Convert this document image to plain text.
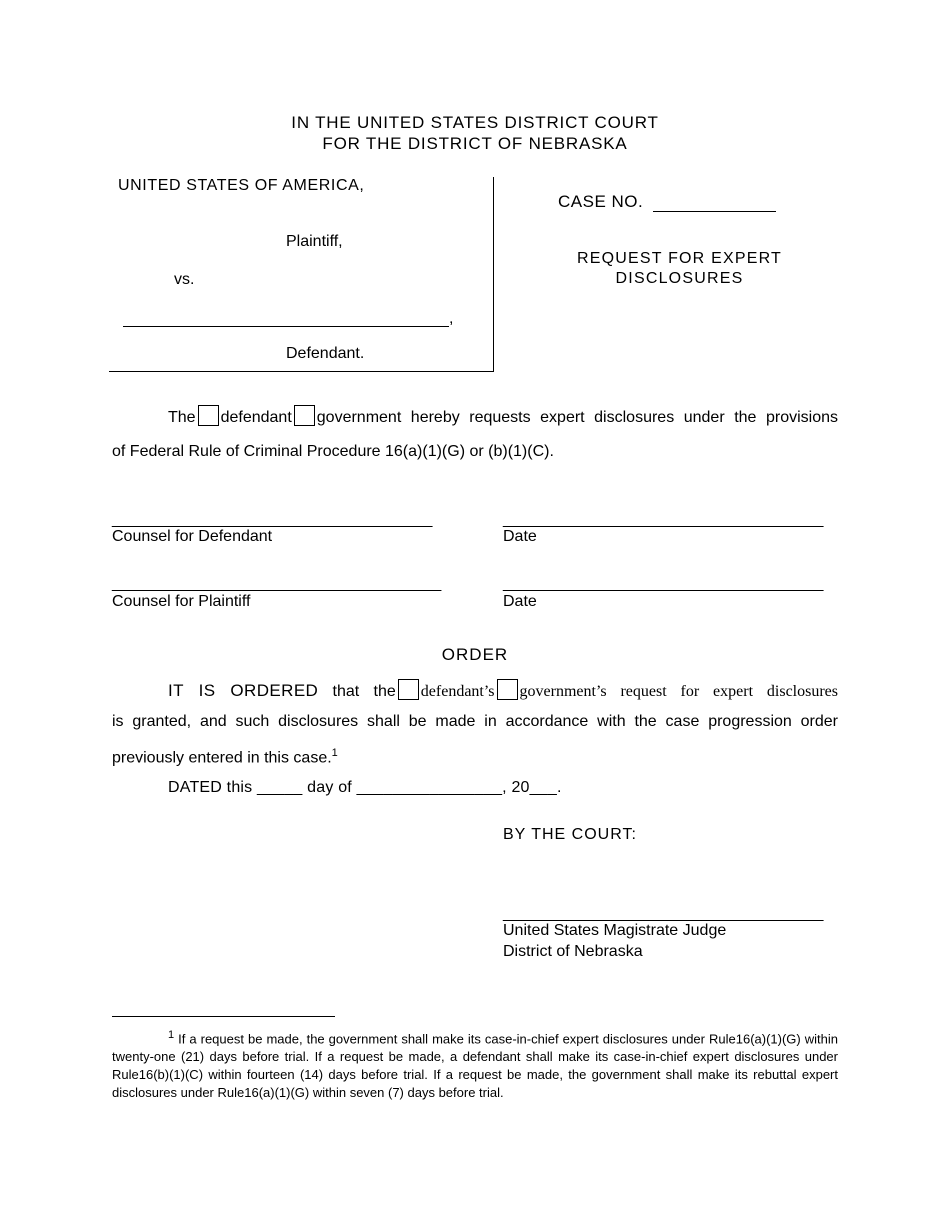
IN THE UNITED STATES DISTRICT COURT
FOR THE DISTRICT OF NEBRASKA
UNITED STATES OF AMERICA,
Plaintiff,
vs.
,
Defendant.
CASE NO.
REQUEST FOR EXPERT
DISCLOSURES
The defendant government hereby requests expert disclosures under the provisions
of Federal Rule of Criminal Procedure 16(a)(1)(G) or (b)(1)(C).
____________________________________
Counsel for Defendant
____________________________________
Date
_____________________________________
Counsel for Plaintiff
____________________________________
Date
ORDER
IT IS ORDERED that the defendant’s government’s request for expert disclosures
is granted, and such disclosures shall be made in accordance with the case progression order
previously entered in this case.$^1$
DATED this _____ day of ________________, 20___.
BY THE COURT:
____________________________________
United States Magistrate Judge
District of Nebraska
$^1$ If a request be made, the government shall make its case-in-chief expert disclosures under Rule16(a)(1)(G) within twenty-one (21) days before trial. If a request be made, a defendant shall make its case-in-chief expert disclosures under Rule16(b)(1)(C) within fourteen (14) days before trial. If a request be made, the government shall make its rebuttal expert disclosures under Rule16(a)(1)(G) within seven (7) days before trial.
